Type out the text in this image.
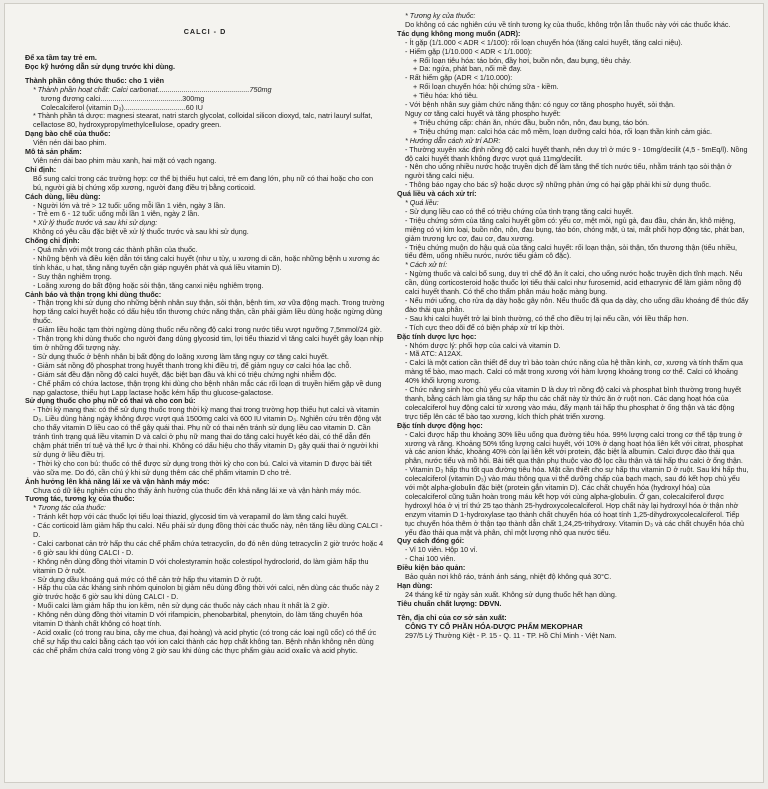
CALCI - D

Để xa tầm tay trẻ em.

Đọc kỹ hướng dẫn sử dụng trước khi dùng.

Thành phần công thức thuốc: cho 1 viên

* Thành phần hoạt chất: Calci carbonat..............................................750mg

tương đương calci.........................................300mg

Colecalciferol (vitamin D₃)...............................60 IU

* Thành phần tá dược: magnesi stearat, natri starch glycolat, colloidal silicon dioxyd, talc, natri lauryl sulfat, cellactose 80, hydroxypropylmethylcellulose, opadry green.

Dạng bào chế của thuốc:

Viên nén dài bao phim.

Mô tả sản phẩm:

Viên nén dài bao phim màu xanh, hai mặt có vạch ngang.

Chỉ định:

Bổ sung calci trong các trường hợp: cơ thể bị thiếu hụt calci, trẻ em đang lớn, phụ nữ có thai hoặc cho con bú, người già bị chứng xốp xương, người đang điều trị bằng corticoid.

Cách dùng, liều dùng:

- Người lớn và trẻ > 12 tuổi: uống mỗi lần 1 viên, ngày 3 lần.

- Trẻ em 6 - 12 tuổi: uống mỗi lần 1 viên, ngày 2 lần.

* Xử lý thuốc trước và sau khi sử dụng:

Không có yêu cầu đặc biệt về xử lý thuốc trước và sau khi sử dụng.

Chống chỉ định:

- Quá mẫn với một trong các thành phần của thuốc.

- Những bệnh và điều kiện dẫn tới tăng calci huyết (như u tủy, u xương di căn, hoặc những bệnh u xương ác tính khác, u hạt, tăng năng tuyến cận giáp nguyên phát và quá liều vitamin D).

- Suy thận nghiêm trọng.

- Loãng xương do bất động hoặc sỏi thận, tăng canxi niệu nghiêm trọng.

Cảnh báo và thận trọng khi dùng thuốc:

- Thận trọng khi sử dụng cho những bệnh nhân suy thận, sỏi thận, bệnh tim, xơ vữa động mạch. Trong trường hợp tăng calci huyết hoặc có dấu hiệu tổn thương chức năng thận, cần phải giảm liều dùng hoặc ngừng dùng thuốc.

- Giảm liều hoặc tạm thời ngừng dùng thuốc nếu nồng độ calci trong nước tiểu vượt ngưỡng 7,5mmol/24 giờ.

- Thận trọng khi dùng thuốc cho người đang dùng glycosid tim, lợi tiểu thiazid vì tăng calci huyết gây loạn nhịp tim ở những đối tượng này.

- Sử dụng thuốc ở bệnh nhân bị bất động do loãng xương làm tăng nguy cơ tăng calci huyết.

- Giảm sát nồng độ phosphat trong huyết thanh trong khi điều trị, để giảm nguy cơ calci hóa lạc chỗ.

- Giám sát đều đặn nồng độ calci huyết, đặc biệt bạn đầu và khi có triệu chứng nghi nhiễm độc.

- Chế phẩm có chứa lactose, thận trọng khi dùng cho bệnh nhân mắc các rối loạn di truyền hiếm gặp về dung nạp galactose, thiếu hụt Lapp lactase hoặc kém hấp thu glucose-galactose.

Sử dụng thuốc cho phụ nữ có thai và cho con bú:

- Thời kỳ mang thai: có thể sử dụng thuốc trong thời kỳ mang thai trong trường hợp thiếu hụt calci và vitamin D₃. Liều dùng hàng ngày không được vượt quá 1500mg calci và 600 IU vitamin D₃. Nghiên cứu trên động vật cho thấy vitamin D liều cao có thể gây quái thai. Phụ nữ có thai nên tránh sử dụng liều cao vitamin D. Cần tránh tình trạng quá liều vitamin D và calci ở phụ nữ mang thai do tăng calci huyết kéo dài, có thể dẫn đến chậm phát triển trí tuệ và thể lực ở thai nhi. Không có dấu hiệu cho thấy vitamin D₃ gây quái thai ở người khi sử dụng ở liều điều trị.

- Thời kỳ cho con bú: thuốc có thể được sử dụng trong thời kỳ cho con bú. Calci và vitamin D được bài tiết vào sữa mẹ. Do đó, cần chú ý khi sử dụng thêm các chế phẩm vitamin D cho trẻ.

Ảnh hưởng lên khả năng lái xe và vận hành máy móc:

Chưa có dữ liệu nghiên cứu cho thấy ảnh hưởng của thuốc đến khả năng lái xe và vận hành máy móc.

Tương tác, tương kỵ của thuốc:

* Tương tác của thuốc:

- Tránh kết hợp với các thuốc lợi tiểu loại thiazid, glycosid tim và verapamil do làm tăng calci huyết.

- Các corticoid làm giảm hấp thu calci. Nếu phải sử dụng đồng thời các thuốc này, nên tăng liều dùng CALCI - D.

- Calci carbonat cản trở hấp thu các chế phẩm chứa tetracyclin, do đó nên dùng tetracyclin 2 giờ trước hoặc 4 - 6 giờ sau khi dùng CALCI - D.

- Không nên dùng đồng thời vitamin D với cholestyramin hoặc colestipol hydroclorid, do làm giảm hấp thu vitamin D ở ruột.

- Sử dụng dầu khoáng quá mức có thể cản trở hấp thu vitamin D ở ruột.

- Hấp thu của các kháng sinh nhóm quinolon bị giảm nếu dùng đồng thời với calci, nên dùng các thuốc này 2 giờ trước hoặc 6 giờ sau khi dùng CALCI - D.

- Muối calci làm giảm hấp thu ion kẽm, nên sử dụng các thuốc này cách nhau ít nhất là 2 giờ.

- Không nên dùng đồng thời vitamin D với rifampicin, phenobarbital, phenytoin, do làm tăng chuyển hóa vitamin D thành chất không có hoạt tính.

- Acid oxalic (có trong rau bina, cây me chua, đại hoàng) và acid phytic (có trong các loại ngũ cốc) có thể ức chế sự hấp thu calci bằng cách tạo với ion calci thành các hợp chất không tan. Bệnh nhân không nên dùng các chế phẩm chứa calci trong vòng 2 giờ sau khi dùng các thực phẩm giàu acid oxalic và acid phytic.

* Tương kỵ của thuốc:

Do không có các nghiên cứu về tính tương kỵ của thuốc, không trộn lẫn thuốc này với các thuốc khác.

Tác dụng không mong muốn (ADR):

- Ít gặp (1/1.000 < ADR < 1/100): rối loạn chuyển hóa (tăng calci huyết, tăng calci niệu).

- Hiếm gặp (1/10.000 < ADR < 1/1.000):

+ Rối loạn tiêu hóa: táo bón, đầy hơi, buồn nôn, đau bụng, tiêu chảy.

+ Da: ngứa, phát ban, nổi mề đay.

- Rất hiếm gặp (ADR < 1/10.000):

+ Rối loạn chuyển hóa: hội chứng sữa - kiềm.

+ Tiêu hóa: khó tiêu.

- Với bệnh nhân suy giảm chức năng thận: có nguy cơ tăng phospho huyết, sỏi thận.

Nguy cơ tăng calci huyết và tăng phospho huyết:

+ Triệu chứng cấp: chán ăn, nhức đầu, buồn nôn, nôn, đau bụng, táo bón.

+ Triệu chứng mạn: calci hóa các mô mềm, loạn dưỡng calci hóa, rối loạn thần kinh cảm giác.

* Hướng dẫn cách xử trí ADR:

- Thường xuyên xác định nồng độ calci huyết thanh, nên duy trì ở mức 9 - 10mg/decilit (4,5 - 5mEq/l). Nồng độ calci huyết thanh không được vượt quá 11mg/decilit.

- Nên cho uống nhiều nước hoặc truyền dịch để làm tăng thể tích nước tiểu, nhằm tránh tạo sỏi thận ở người tăng calci niệu.

- Thông báo ngay cho bác sỹ hoặc dược sỹ những phản ứng có hại gặp phải khi sử dụng thuốc.

Quá liều và cách xử trí:

* Quá liều:

- Sử dụng liều cao có thể có triệu chứng của tình trạng tăng calci huyết.

- Triệu chứng sớm của tăng calci huyết gồm có: yếu cơ, mệt mỏi, ngủ gà, đau đầu, chán ăn, khô miệng, miệng có vị kim loại, buồn nôn, nôn, đau bụng, táo bón, chóng mặt, ù tai, mất phối hợp động tác, phát ban, giảm trương lực cơ, đau cơ, đau xương.

- Triệu chứng muộn do hậu quả của tăng calci huyết: rối loạn thận, sỏi thận, tổn thương thận (tiểu nhiều, tiểu đêm, uống nhiều nước, nước tiểu giảm cô đặc).

* Cách xử trí:

- Ngừng thuốc và calci bổ sung, duy trì chế độ ăn ít calci, cho uống nước hoặc truyền dịch tĩnh mạch. Nếu cần, dùng corticosteroid hoặc thuốc lợi tiểu thải calci như furosemid, acid ethacrynic để làm giảm nồng độ calci huyết thanh. Có thể cho thẩm phân máu hoặc màng bụng.

- Nếu mới uống, cho rửa dạ dày hoặc gây nôn. Nếu thuốc đã qua dạ dày, cho uống dầu khoáng để thúc đẩy đào thải qua phân.

- Sau khi calci huyết trở lại bình thường, có thể cho điều trị lại nếu cần, với liều thấp hơn.

- Tích cực theo dõi để có biện pháp xử trí kịp thời.

Đặc tính dược lực học:

- Nhóm dược lý: phối hợp của calci và vitamin D.

- Mã ATC: A12AX.

- Calci là một cation cần thiết để duy trì bảo toàn chức năng của hệ thần kinh, cơ, xương và tính thấm qua màng tế bào, mao mạch. Calci có mặt trong xương với hàm lượng khoảng trong cơ thể. Calci có khoảng 40% khối lượng xương.

- Chức năng sinh học chủ yếu của vitamin D là duy trì nồng độ calci và phosphat bình thường trong huyết thanh, bằng cách làm gia tăng sự hấp thu các chất này từ thức ăn ở ruột non. Các dạng hoạt hóa của colecalciferol huy động calci từ xương vào máu, đẩy mạnh tái hấp thu phosphat ở ống thận và tác động trực tiếp lên các tế bào tạo xương, kích thích phát triển xương.

Đặc tính dược động học:

- Calci được hấp thu khoảng 30% liều uống qua đường tiêu hóa. 99% lượng calci trong cơ thể tập trung ở xương và răng. Khoảng 50% tổng lượng calci huyết, với 10% ở dạng hoạt hóa liên kết với citrat, phosphat và các anion khác, khoảng 40% còn lại liên kết với protein, đặc biệt là albumin. Calci được đào thải qua phân, nước tiểu và mồ hôi. Bài tiết qua thận phụ thuộc vào độ lọc cầu thận và tái hấp thu calci ở ống thận.

- Vitamin D₃ hấp thu tốt qua đường tiêu hóa. Mật cần thiết cho sự hấp thu vitamin D ở ruột. Sau khi hấp thu, colecalciferol (vitamin D₃) vào máu thông qua vi thể dưỡng chấp của bạch mạch, sau đó kết hợp chủ yếu với một alpha-globulin đặc biệt (protein gắn vitamin D). Các chất chuyển hóa (hydroxyl hóa) của colecalciferol cũng tuần hoàn trong máu kết hợp với cùng alpha-globulin. Ở gan, colecalciferol được hydroxyl hóa ở vị trí thứ 25 tạo thành 25-hydroxycolecalciferol. Hợp chất này lại hydroxyl hóa ở thận nhờ enzym vitamin D 1-hydroxylase tạo thành chất chuyển hóa có hoạt tính 1,25-dihydroxycolecalciferol. Tiếp tục chuyển hóa thêm ở thận tạo thành dẫn chất 1,24,25-trihydroxy. Vitamin D₃ và các chất chuyển hóa chủ yếu đào thải qua mật và phân, chỉ một lượng nhỏ qua nước tiểu.

Quy cách đóng gói:

- Vỉ 10 viên. Hộp 10 vỉ.

- Chai 100 viên.

Điều kiện bảo quản:

Bảo quản nơi khô ráo, tránh ánh sáng, nhiệt độ không quá 30°C.

Hạn dùng:

24 tháng kể từ ngày sản xuất. Không sử dụng thuốc hết hạn dùng.

Tiêu chuẩn chất lượng: DĐVN.

Tên, địa chỉ của cơ sở sản xuất:

CÔNG TY CỔ PHẦN HÓA-DƯỢC PHẨM MEKOPHAR

297/5 Lý Thường Kiệt - P. 15 - Q. 11 - TP. Hồ Chí Minh - Việt Nam.
